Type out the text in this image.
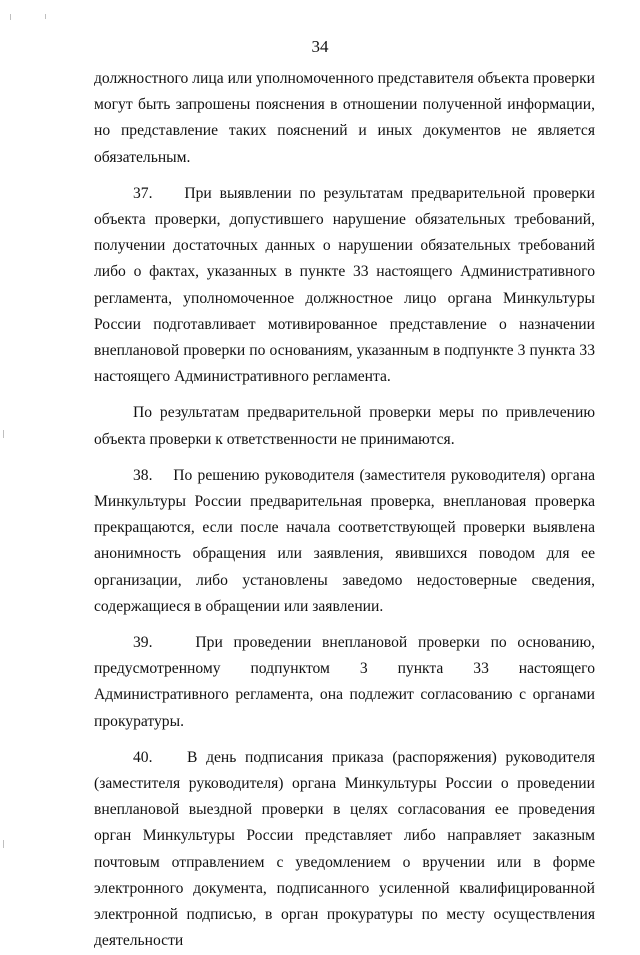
34

должностного лица или уполномоченного представителя объекта проверки могут быть запрошены пояснения в отношении полученной информации, но представление таких пояснений и иных документов не является обязательным.

37.    При выявлении по результатам предварительной проверки объекта проверки, допустившего нарушение обязательных требований, получении достаточных данных о нарушении обязательных требований либо о фактах, указанных в пункте 33 настоящего Административного регламента, уполномоченное должностное лицо органа Минкультуры России подготавливает мотивированное представление о назначении внеплановой проверки по основаниям, указанным в подпункте 3 пункта 33 настоящего Административного регламента.

По результатам предварительной проверки меры по привлечению объекта проверки к ответственности не принимаются.

38.    По решению руководителя (заместителя руководителя) органа Минкультуры России предварительная проверка, внеплановая проверка прекращаются, если после начала соответствующей проверки выявлена анонимность обращения или заявления, явившихся поводом для ее организации, либо установлены заведомо недостоверные сведения, содержащиеся в обращении или заявлении.

39.    При проведении внеплановой проверки по основанию, предусмотренному подпунктом 3 пункта 33 настоящего Административного регламента, она подлежит согласованию с органами прокуратуры.

40.    В день подписания приказа (распоряжения) руководителя (заместителя руководителя) органа Минкультуры России о проведении внеплановой выездной проверки в целях согласования ее проведения орган Минкультуры России представляет либо направляет заказным почтовым отправлением с уведомлением о вручении или в форме электронного документа, подписанного усиленной квалифицированной электронной подписью, в орган прокуратуры по месту осуществления деятельности
